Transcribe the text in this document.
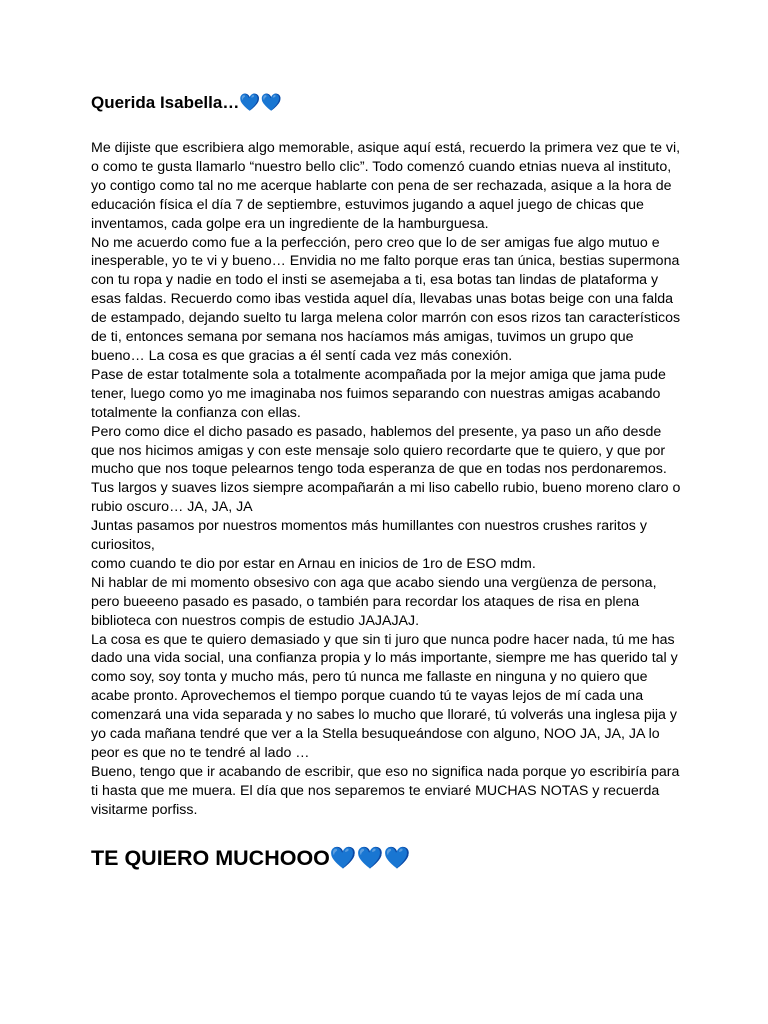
Querida Isabella…💙💙

Me dijiste que escribiera algo memorable, asique aquí está, recuerdo la primera vez que te vi, o como te gusta llamarlo “nuestro bello clic”. Todo comenzó cuando etnias nueva al instituto, yo contigo como tal no me acerque hablarte con pena de ser rechazada, asique a la hora de educación física el día 7 de septiembre, estuvimos jugando a aquel juego de chicas que inventamos, cada golpe era un ingrediente de la hamburguesa.

No me acuerdo como fue a la perfección, pero creo que lo de ser amigas fue algo mutuo e inesperable, yo te vi y bueno… Envidia no me falto porque eras tan única, bestias supermona con tu ropa y nadie en todo el insti se asemejaba a ti, esa botas tan lindas de plataforma y esas faldas. Recuerdo como ibas vestida aquel día, llevabas unas botas beige con una falda de estampado, dejando suelto tu larga melena color marrón con esos rizos tan característicos de ti, entonces semana por semana nos hacíamos más amigas, tuvimos un grupo que bueno… La cosa es que gracias a él sentí cada vez más conexión.

Pase de estar totalmente sola a totalmente acompañada por la mejor amiga que jama pude tener, luego como yo me imaginaba nos fuimos separando con nuestras amigas acabando totalmente la confianza con ellas.

Pero como dice el dicho pasado es pasado, hablemos del presente, ya paso un año desde que nos hicimos amigas y con este mensaje solo quiero recordarte que te quiero, y que por mucho que nos toque pelearnos tengo toda esperanza de que en todas nos perdonaremos. Tus largos y suaves lizos siempre acompañarán a mi liso cabello rubio, bueno moreno claro o rubio oscuro… JA, JA, JA

Juntas pasamos por nuestros momentos más humillantes con nuestros crushes raritos y curiositos,

como cuando te dio por estar en Arnau en inicios de 1ro de ESO mdm.

Ni hablar de mi momento obsesivo con aga que acabo siendo una vergüenza de persona, pero bueeeno pasado es pasado, o también para recordar los ataques de risa en plena biblioteca con nuestros compis de estudio JAJAJAJ.

La cosa es que te quiero demasiado y que sin ti juro que nunca podre hacer nada, tú me has dado una vida social, una confianza propia y lo más importante, siempre me has querido tal y como soy, soy tonta y mucho más, pero tú nunca me fallaste en ninguna y no quiero que acabe pronto. Aprovechemos el tiempo porque cuando tú te vayas lejos de mí cada una comenzará una vida separada y no sabes lo mucho que lloraré, tú volverás una inglesa pija y yo cada mañana tendré que ver a la Stella besuqueándose con alguno, NOO JA, JA, JA lo peor es que no te tendré al lado …

Bueno, tengo que ir acabando de escribir, que eso no significa nada porque yo escribiría para ti hasta que me muera. El día que nos separemos te enviaré MUCHAS NOTAS y recuerda visitarme porfiss.

TE QUIERO MUCHOOO💙💙💙
